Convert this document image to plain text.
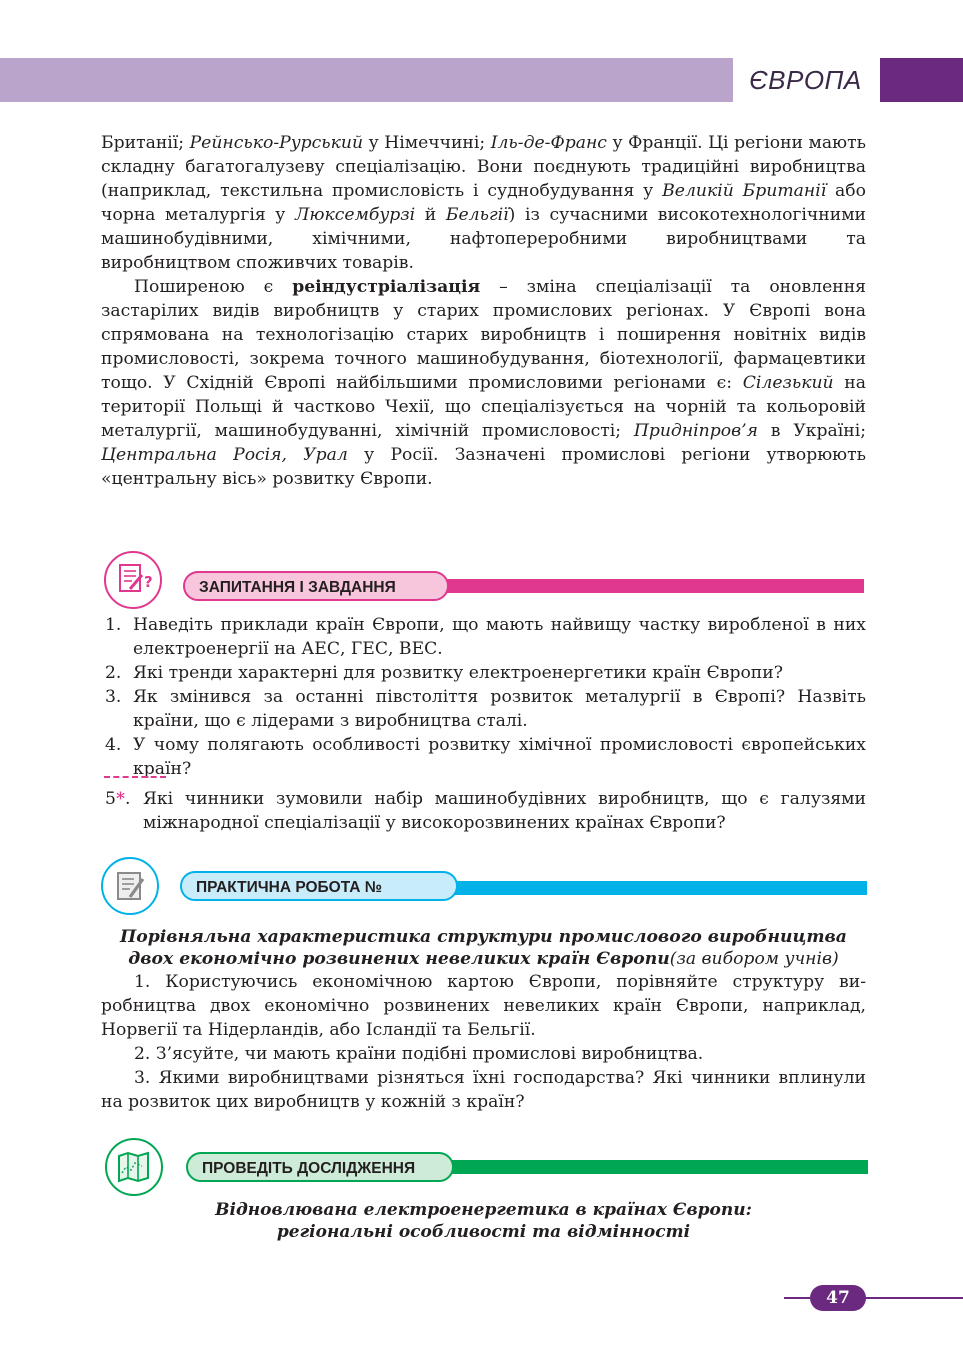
ЄВРОПА

Британії; Рейнсько-Рурський у Німеччині; Іль-де-Франс у Франції. Ці регіони мають складну багатогалузеву спеціалізацію. Вони поєднують традиційні виробництва (наприклад, текстильна промисловість і суднобудування у Великій Британії або чорна металургія у Люксембурзі й Бельгії) із сучасними високотехнологічними машинобудівними, хімічними, нафтопереробними виробництвами та виробництвом споживчих товарів.

Поширеною є реіндустріалізація – зміна спеціалізації та оновлення застарілих видів виробництв у старих промислових регіонах. У Європі вона спрямована на технологізацію старих виробництв і поширення новітніх видів промисловості, зокрема точного машинобудування, біотехнології, фармацевтики тощо. У Східній Європі найбільшими промисловими регіонами є: Сілезький на території Польщі й частково Чехії, що спеціалізується на чорній та кольоровій металургії, машинобудуванні, хімічній промисловості; Придніпров’я в Україні; Центральна Росія, Урал у Росії. Зазначені промислові регіони утворюють «центральну вісь» розвитку Європи.

ЗАПИТАННЯ І ЗАВДАННЯ
?
1. Наведіть приклади країн Європи, що мають найвищу частку виробленої в них електроенергії на АЕС, ГЕС, ВЕС.
2. Які тренди характерні для розвитку електроенергетики країн Європи?
3. Як змінився за останні півстоліття розвиток металургії в Європі? Назвіть країни, що є лідерами з виробництва сталі.
4. У чому полягають особливості розвитку хімічної промисловості європейських країн?
5*. Які чинники зумовили набір машинобудівних виробництв, що є галузями міжнародної спеціалізації у високорозвинених країнах Європи?
ПРАКТИЧНА РОБОТА №

Порівняльна характеристика структури промислового виробництва двох економічно розвинених невеликих країн Європи(за вибором учнів)

1. Користуючись економічною картою Європи, порівняйте структуру виробництва двох економічно розвинених невеликих країн Європи, наприклад, Норвегії та Нідерландів, або Ісландії та Бельгії.

2. З’ясуйте, чи мають країни подібні промислові виробництва.

3. Якими виробництвами різняться їхні господарства? Які чинники вплинули на розвиток цих виробництв у кожній з країн?

ПРОВЕДІТЬ ДОСЛІДЖЕННЯ
Відновлювана електроенергетика в країнах Європи:
регіональні особливості та відмінності
47
